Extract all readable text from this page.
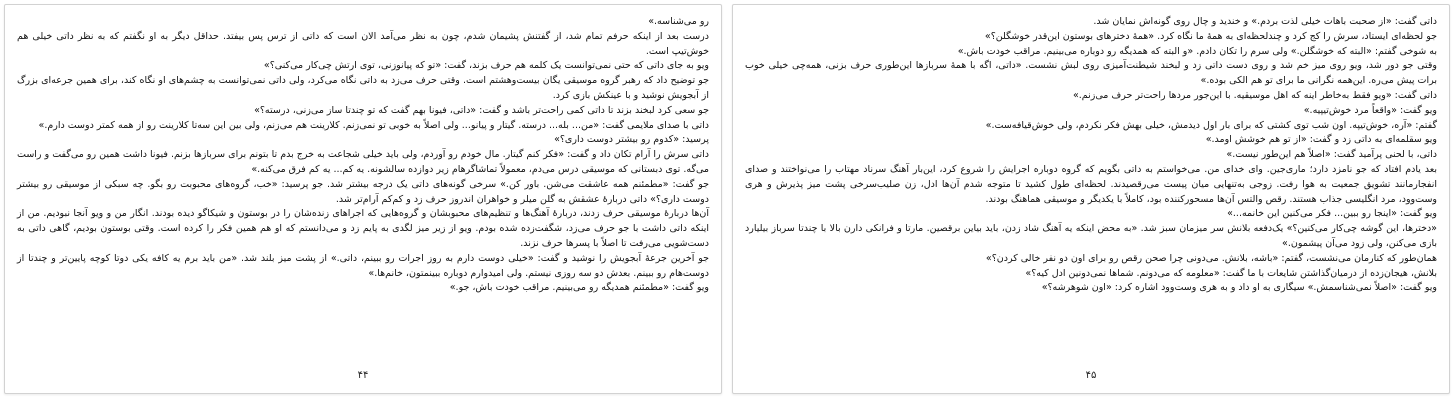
رو می‌شناسه.»

درست بعد از اینکه حرفم تمام شد، از گفتنش پشیمان شدم، چون به نظر می‌آمد الان است که داتی از ترس پس بیفتد. حداقل دیگر به او نگفتم که به نظر داتی خیلی هم خوش‌تیپ است.

ویو به جای داتی که حتی نمی‌توانست یک کلمه هم حرف بزند، گفت: «تو که پیانوزنی، توی ارتش چی‌کار می‌کنی؟»

جو توضیح داد که رهبر گروه موسیقی یگان بیست‌وهشتم است. وقتی حرف می‌زد به داتی نگاه می‌کرد، ولی داتی نمی‌توانست به چشم‌های او نگاه کند، برای همین جرعه‌ای بزرگ از آبجویش نوشید و با عینکش بازی کرد.

جو سعی کرد لبخند بزند تا داتی کمی راحت‌تر باشد و گفت: «داتی، فیونا بهم گفت که تو چندتا ساز می‌زنی، درسته؟»

داتی با صدای ملایمی گفت: «من... بله... درسته. گیتار و پیانو... ولی اصلاً به خوبی تو نمی‌زنم. کلارینت هم می‌زنم، ولی بین این سه‌تا کلارینت رو از همه کمتر دوست دارم.»

پرسید: «کدوم رو بیشتر دوست داری؟»

داتی سرش را آرام تکان داد و گفت: «فکر کنم گیتار. مال خودم رو آوردم، ولی باید خیلی شجاعت به خرج بدم تا بتونم برای سربازها بزنم. فیونا داشت همین رو می‌گفت و راست می‌گه. توی دبستانی که موسیقی درس می‌دم، معمولاً تماشاگرهام زیر دوازده سالشونه. یه کم... یه کم فرق می‌کنه.»

جو گفت: «مطمئنم همه عاشقت می‌شن. باور کن.» سرخی گونه‌های داتی یک درجه بیشتر شد. جو پرسید: «خب، گروه‌های محبوبت رو بگو. چه سبکی از موسیقی رو بیشتر دوست داری؟» داتی دربارهٔ عشقش به گلن میلر و خواهران اندروز حرف زد و کم‌کم آرام‌تر شد.

آن‌ها دربارهٔ موسیقی حرف زدند، دربارهٔ آهنگ‌ها و تنظیم‌های محبوبشان و گروه‌هایی که اجراهای زنده‌شان را در بوستون و شیکاگو دیده بودند. انگار من و ویو آنجا نبودیم. من از اینکه داتی داشت با جو حرف می‌زد، شگفت‌زده شده بودم. ویو از زیر میز لگدی به پایم زد و می‌دانستم که او هم همین فکر را کرده است. وقتی بوستون بودیم، گاهی داتی به دست‌شویی می‌رفت تا اصلاً با پسرها حرف نزند.

جو آخرین جرعهٔ آبجویش را نوشید و گفت: «خیلی دوست دارم به روز اجرات رو ببینم، داتی.» از پشت میز بلند شد. «من باید برم یه کافه یکی دوتا کوچه پایین‌تر و چندتا از دوست‌هام رو ببینم. بعدش دو سه روزی نیستم. ولی امیدوارم دوباره ببینمتون، خانم‌ها.»

ویو گفت: «مطمئنم همدیگه رو می‌بینیم. مراقب خودت باش، جو.»

۴۴

داتی گفت: «از صحبت باهات خیلی لذت بردم.» و خندید و چال روی گونه‌اش نمایان شد.

جو لحظه‌ای ایستاد، سرش را کج کرد و چندلحظه‌ای به همهٔ ما نگاه کرد. «همهٔ دخترهای بوستون این‌قدر خوشگلن؟»

به شوخی گفتم: «البته که خوشگلن.» ولی سرم را تکان دادم. «و البته که همدیگه رو دوباره می‌بینیم. مراقب خودت باش.»

وقتی جو دور شد، ویو روی میز خم شد و روی دست داتی زد و لبخند شیطنت‌آمیزی روی لبش نشست. «داتی، اگه با همهٔ سربازها این‌طوری حرف بزنی، همه‌چی خیلی خوب برات پیش می‌ره. این‌همه نگرانی ما برای تو هم الکی بوده.»

داتی گفت: «ویو فقط به‌خاطر اینه که اهل موسیقیه. با این‌جور مردها راحت‌تر حرف می‌زنم.»

ویو گفت: «واقعاً مرد خوش‌تیپیه.»

گفتم: «آره، خوش‌تیپه. اون شب توی کشتی که برای بار اول دیدمش، خیلی بهش فکر نکردم، ولی خوش‌قیافه‌ست.»

ویو سقلمه‌ای به داتی زد و گفت: «از تو هم خوشش اومد.»

داتی، با لحنی پرآمید گفت: «اصلاً هم این‌طور نیست.»

بعد یادم افتاد که جو نامزد دارد؛ ماری‌جین. وای خدای من. می‌خواستم به داتی بگویم که گروه دوباره اجرایش را شروع کرد، این‌بار آهنگ سرناد مهتاب را می‌نواختند و صدای انفجارمانند تشویق جمعیت به هوا رفت. زوجی به‌تنهایی میان پیست می‌رقصیدند. لحظه‌ای طول کشید تا متوجه شدم آن‌ها ادل، زن صلیب‌سرخی پشت میز پذیرش و هری وست‌وود، مرد انگلیسی جذاب هستند. رقص والتس آن‌ها مسحورکننده بود، کاملاً با یکدیگر و موسیقی هماهنگ بودند.

ویو گفت: «اینجا رو ببین... فکر می‌کنین این خانمه...»

«دخترها، این گوشه چی‌کار می‌کنین؟» یک‌دفعه بلانش سر میزمان سبز شد. «به محض اینکه یه آهنگ شاد زدن، باید بیاین برقصین. مارتا و فرانکی دارن بالا با چندتا سرباز بیلیارد بازی می‌کنن، ولی زود می‌آن پیشمون.»

همان‌طور که کنارمان می‌نشست، گفتم: «باشه، بلانش. می‌دونی چرا صحن رقص رو برای اون دو نفر خالی کردن؟»

بلانش، هیجان‌زده از درمیان‌گذاشتن شایعات با ما گفت: «معلومه که می‌دونم. شماها نمی‌دونین ادل کیه؟»

ویو گفت: «اصلاً نمی‌شناسمش.» سیگاری به او داد و به هری وست‌وود اشاره کرد: «اون شوهرشه؟»

۴۵
